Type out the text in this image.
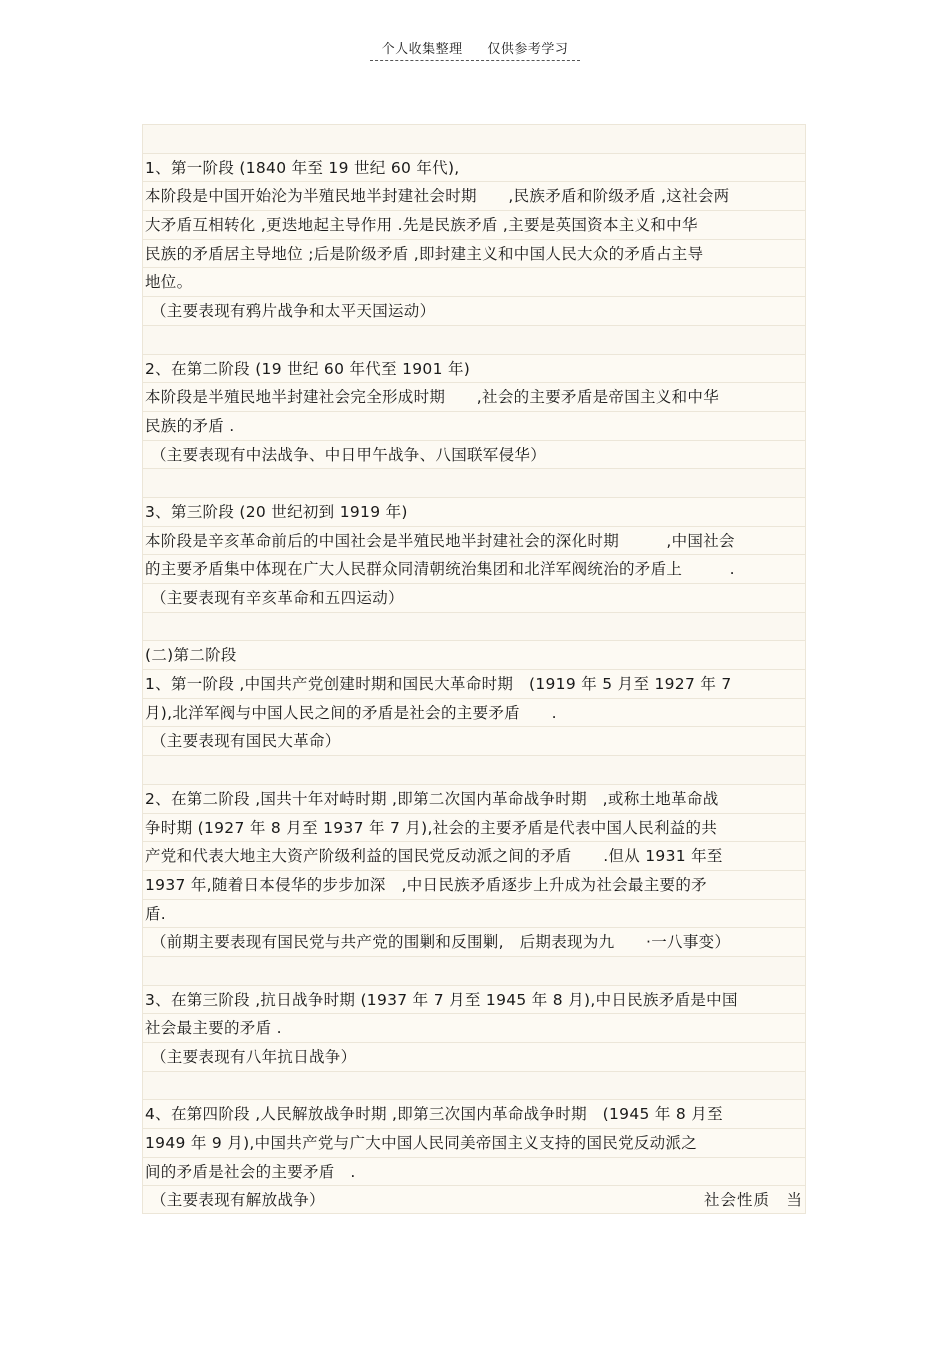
个人收集整理 仅供参考学习
1、第一阶段 (1840 年至 19 世纪 60 年代),
本阶段是中国开始沦为半殖民地半封建社会时期　　,民族矛盾和阶级矛盾 ,这社会两
大矛盾互相转化 ,更迭地起主导作用 .先是民族矛盾 ,主要是英国资本主义和中华
民族的矛盾居主导地位 ;后是阶级矛盾 ,即封建主义和中国人民大众的矛盾占主导
地位。
（主要表现有鸦片战争和太平天国运动）
2、在第二阶段 (19 世纪 60 年代至 1901 年)
本阶段是半殖民地半封建社会完全形成时期　　,社会的主要矛盾是帝国主义和中华
民族的矛盾 .
（主要表现有中法战争、中日甲午战争、八国联军侵华）
3、第三阶段 (20 世纪初到 1919 年)
本阶段是辛亥革命前后的中国社会是半殖民地半封建社会的深化时期　　　,中国社会
的主要矛盾集中体现在广大人民群众同清朝统治集团和北洋军阀统治的矛盾上　　　.
（主要表现有辛亥革命和五四运动）
(二)第二阶段
1、第一阶段 ,中国共产党创建时期和国民大革命时期　(1919 年 5 月至 1927 年 7
月),北洋军阀与中国人民之间的矛盾是社会的主要矛盾　　.
（主要表现有国民大革命）
2、在第二阶段 ,国共十年对峙时期 ,即第二次国内革命战争时期　,或称土地革命战
争时期 (1927 年 8 月至 1937 年 7 月),社会的主要矛盾是代表中国人民利益的共
产党和代表大地主大资产阶级利益的国民党反动派之间的矛盾　　.但从 1931 年至
1937 年,随着日本侵华的步步加深　,中日民族矛盾逐步上升成为社会最主要的矛
盾.
（前期主要表现有国民党与共产党的围剿和反围剿,　后期表现为九　　·一八事变）
3、在第三阶段 ,抗日战争时期 (1937 年 7 月至 1945 年 8 月),中日民族矛盾是中国
社会最主要的矛盾 .
（主要表现有八年抗日战争）
4、在第四阶段 ,人民解放战争时期 ,即第三次国内革命战争时期　(1945 年 8 月至
1949 年 9 月),中国共产党与广大中国人民同美帝国主义支持的国民党反动派之
间的矛盾是社会的主要矛盾　.
（主要表现有解放战争）	社会性质　当
